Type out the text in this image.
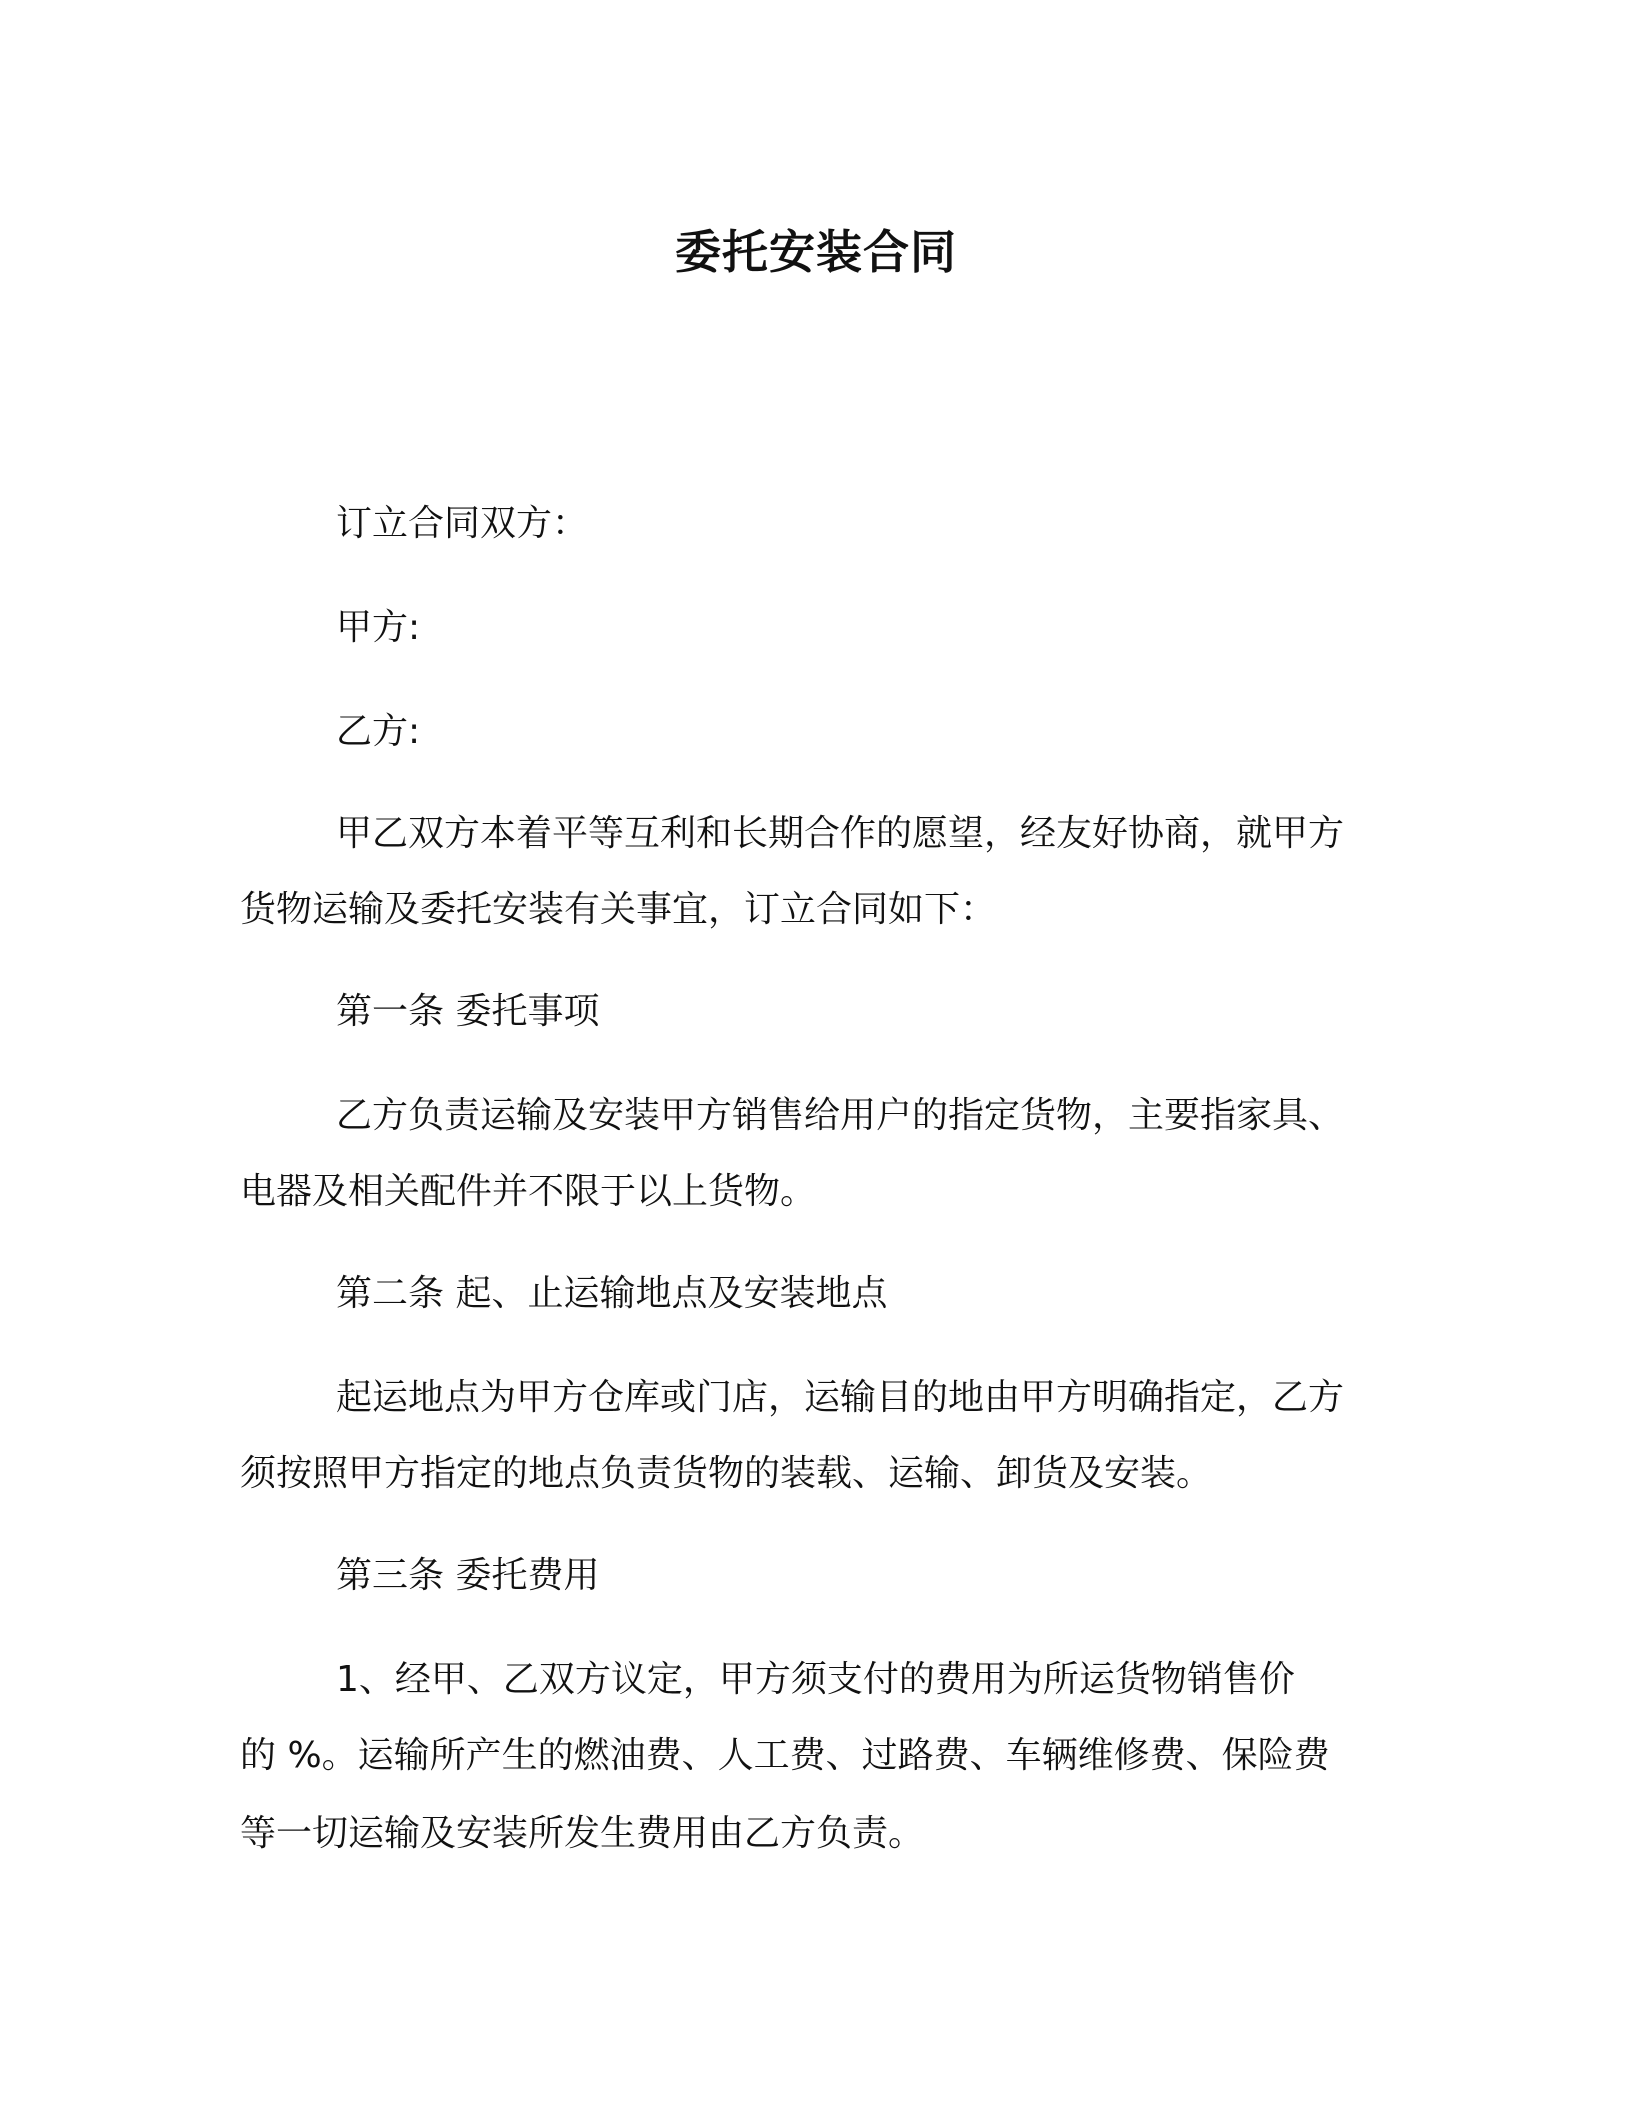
委托安装合同
订立合同双方：
甲方:
乙方:
甲乙双方本着平等互利和长期合作的愿望，经友好协商，就甲方
货物运输及委托安装有关事宜，订立合同如下：
第一条 委托事项
乙方负责运输及安装甲方销售给用户的指定货物，主要指家具、
电器及相关配件并不限于以上货物。
第二条 起、止运输地点及安装地点
起运地点为甲方仓库或门店，运输目的地由甲方明确指定，乙方
须按照甲方指定的地点负责货物的装载、运输、卸货及安装。
第三条 委托费用
1、经甲、乙双方议定，甲方须支付的费用为所运货物销售价
的 %。运输所产生的燃油费、人工费、过路费、车辆维修费、保险费
等一切运输及安装所发生费用由乙方负责。
